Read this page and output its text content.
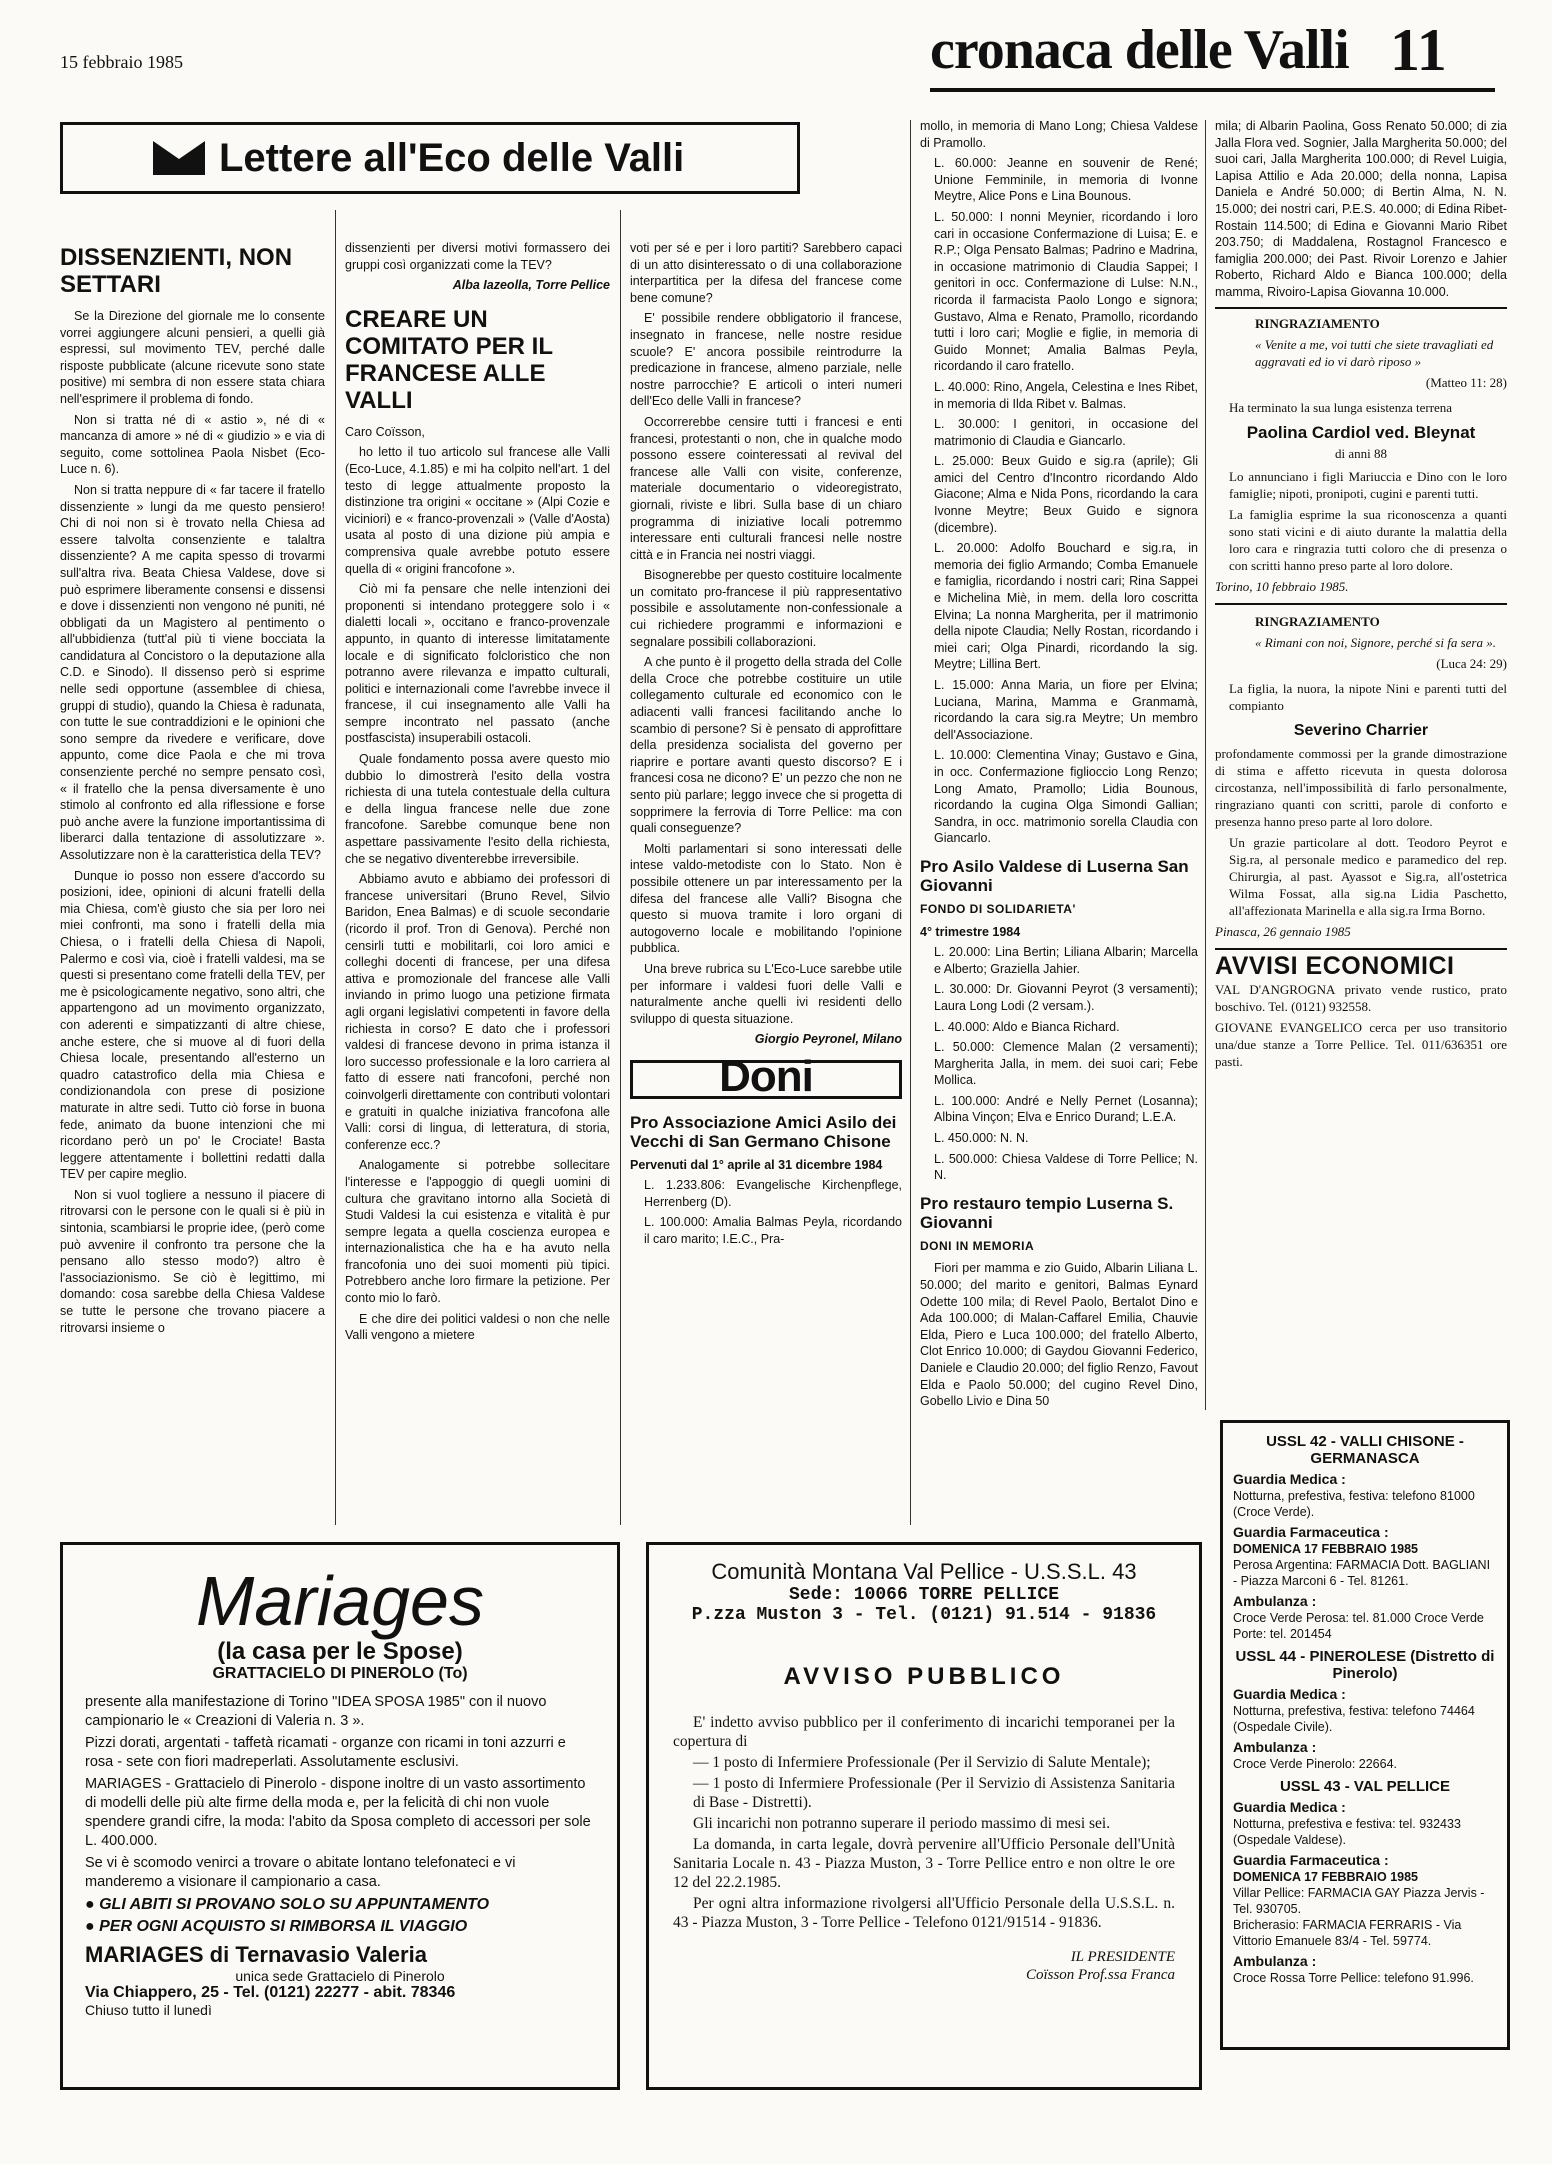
15 febbraio 1985	cronaca delle Valli 11
Lettere all'Eco delle Valli
DISSENZIENTI, NON SETTARI

Se la Direzione del giornale me lo consente vorrei aggiungere alcuni pensieri, a quelli già espressi, sul movimento TEV, perché dalle risposte pubblicate (alcune ricevute sono state positive) mi sembra di non essere stata chiara nell'esprimere il problema di fondo.

Non si tratta né di « astio », né di « mancanza di amore » né di « giudizio » e via di seguito, come sottolinea Paola Nisbet (Eco-Luce n. 6).

Non si tratta neppure di « far tacere il fratello dissenziente » lungi da me questo pensiero! Chi di noi non si è trovato nella Chiesa ad essere talvolta consenziente e talaltra dissenziente? A me capita spesso di trovarmi sull'altra riva. Beata Chiesa Valdese, dove si può esprimere liberamente consensi e dissensi e dove i dissenzienti non vengono né puniti, né obbligati da un Magistero al pentimento o all'ubbidienza (tutt'al più ti viene bocciata la candidatura al Concistoro o la deputazione alla C.D. e Sinodo). Il dissenso però si esprime nelle sedi opportune (assemblee di chiesa, gruppi di studio), quando la Chiesa è radunata, con tutte le sue contraddizioni e le opinioni che sono sempre da rivedere e verificare, dove appunto, come dice Paola e che mi trova consenziente perché no sempre pensato così, « il fratello che la pensa diversamente è uno stimolo al confronto ed alla riflessione e forse può anche avere la funzione importantissima di liberarci dalla tentazione di assolutizzare ». Assolutizzare non è la caratteristica della TEV?

Dunque io posso non essere d'accordo su posizioni, idee, opinioni di alcuni fratelli della mia Chiesa, com'è giusto che sia per loro nei miei confronti, ma sono i fratelli della mia Chiesa, o i fratelli della Chiesa di Napoli, Palermo e così via, cioè i fratelli valdesi, ma se questi si presentano come fratelli della TEV, per me è psicologicamente negativo, sono altri, che appartengono ad un movimento organizzato, con aderenti e simpatizzanti di altre chiese, anche estere, che si muove al di fuori della Chiesa locale, presentando all'esterno un quadro catastrofico della mia Chiesa e condizionandola con prese di posizione maturate in altre sedi. Tutto ciò forse in buona fede, animato da buone intenzioni che mi ricordano però un po' le Crociate! Basta leggere attentamente i bollettini redatti dalla TEV per capire meglio.

Non si vuol togliere a nessuno il piacere di ritrovarsi con le persone con le quali si è più in sintonia, scambiarsi le proprie idee, (però come può avvenire il confronto tra persone che la pensano allo stesso modo?) altro è l'associazionismo. Se ciò è legittimo, mi domando: cosa sarebbe della Chiesa Valdese se tutte le persone che trovano piacere a ritrovarsi insieme o

dissenzienti per diversi motivi formassero dei gruppi così organizzati come la TEV?

Alba Iazeolla, Torre Pellice
CREARE UN COMITATO PER IL FRANCESE ALLE VALLI

Caro Coïsson,

ho letto il tuo articolo sul francese alle Valli (Eco-Luce, 4.1.85) e mi ha colpito nell'art. 1 del testo di legge attualmente proposto la distinzione tra origini « occitane » (Alpi Cozie e viciniori) e « franco-provenzali » (Valle d'Aosta) usata al posto di una dizione più ampia e comprensiva quale avrebbe potuto essere quella di « origini francofone ».

Ciò mi fa pensare che nelle intenzioni dei proponenti si intendano proteggere solo i « dialetti locali », occitano e franco-provenzale appunto, in quanto di interesse limitatamente locale e di significato folcloristico che non potranno avere rilevanza e impatto culturali, politici e internazionali come l'avrebbe invece il francese, il cui insegnamento alle Valli ha sempre incontrato nel passato (anche postfascista) insuperabili ostacoli.

Quale fondamento possa avere questo mio dubbio lo dimostrerà l'esito della vostra richiesta di una tutela contestuale della cultura e della lingua francese nelle due zone francofone. Sarebbe comunque bene non aspettare passivamente l'esito della richiesta, che se negativo diventerebbe irreversibile.

Abbiamo avuto e abbiamo dei professori di francese universitari (Bruno Revel, Silvio Baridon, Enea Balmas) e di scuole secondarie (ricordo il prof. Tron di Genova). Perché non censirli tutti e mobilitarli, coi loro amici e colleghi docenti di francese, per una difesa attiva e promozionale del francese alle Valli inviando in primo luogo una petizione firmata agli organi legislativi competenti in favore della richiesta in corso? E dato che i professori valdesi di francese devono in prima istanza il loro successo professionale e la loro carriera al fatto di essere nati francofoni, perché non coinvolgerli direttamente con contributi volontari e gratuiti in qualche iniziativa francofona alle Valli: corsi di lingua, di letteratura, di storia, conferenze ecc.?

Analogamente si potrebbe sollecitare l'interesse e l'appoggio di quegli uomini di cultura che gravitano intorno alla Società di Studi Valdesi la cui esistenza e vitalità è pur sempre legata a quella coscienza europea e internazionalistica che ha e ha avuto nella francofonia uno dei suoi momenti più tipici. Potrebbero anche loro firmare la petizione. Per conto mio lo farò.

E che dire dei politici valdesi o non che nelle Valli vengono a mietere

voti per sé e per i loro partiti? Sarebbero capaci di un atto disinteressato o di una collaborazione interpartitica per la difesa del francese come bene comune?

E' possibile rendere obbligatorio il francese, insegnato in francese, nelle nostre residue scuole? E' ancora possibile reintrodurre la predicazione in francese, almeno parziale, nelle nostre parrocchie? E articoli o interi numeri dell'Eco delle Valli in francese?

Occorrerebbe censire tutti i francesi e enti francesi, protestanti o non, che in qualche modo possono essere cointeressati al revival del francese alle Valli con visite, conferenze, materiale documentario o videoregistrato, giornali, riviste e libri. Sulla base di un chiaro programma di iniziative locali potremmo interessare enti culturali francesi nelle nostre città e in Francia nei nostri viaggi.

Bisognerebbe per questo costituire localmente un comitato pro-francese il più rappresentativo possibile e assolutamente non-confessionale a cui richiedere programmi e informazioni e segnalare possibili collaborazioni.

A che punto è il progetto della strada del Colle della Croce che potrebbe costituire un utile collegamento culturale ed economico con le adiacenti valli francesi facilitando anche lo scambio di persone? Si è pensato di approfittare della presidenza socialista del governo per riaprire e portare avanti questo discorso? E i francesi cosa ne dicono? E' un pezzo che non ne sento più parlare; leggo invece che si progetta di sopprimere la ferrovia di Torre Pellice: ma con quali conseguenze?

Molti parlamentari si sono interessati delle intese valdo-metodiste con lo Stato. Non è possibile ottenere un par interessamento per la difesa del francese alle Valli? Bisogna che questo si muova tramite i loro organi di autogoverno locale e mobilitando l'opinione pubblica.

Una breve rubrica su L'Eco-Luce sarebbe utile per informare i valdesi fuori delle Valli e naturalmente anche quelli ivi residenti dello sviluppo di questa situazione.

Giorgio Peyronel, Milano
Doni
Pro Associazione Amici Asilo dei Vecchi di San Germano Chisone

Pervenuti dal 1° aprile al 31 dicembre 1984

L. 1.233.806: Evangelische Kirchenpflege, Herrenberg (D).

L. 100.000: Amalia Balmas Peyla, ricordando il caro marito; I.E.C., Pra-

mollo, in memoria di Mano Long; Chiesa Valdese di Pramollo.

L. 60.000: Jeanne en souvenir de René; Unione Femminile, in memoria di Ivonne Meytre, Alice Pons e Lina Bounous.

L. 50.000: I nonni Meynier, ricordando i loro cari in occasione Confermazione di Luisa; E. e R.P.; Olga Pensato Balmas; Padrino e Madrina, in occasione matrimonio di Claudia Sappei; I genitori in occ. Confermazione di Lulse: N.N., ricorda il farmacista Paolo Longo e signora; Gustavo, Alma e Renato, Pramollo, ricordando tutti i loro cari; Moglie e figlie, in memoria di Guido Monnet; Amalia Balmas Peyla, ricordando il caro fratello.

L. 40.000: Rino, Angela, Celestina e Ines Ribet, in memoria di Ilda Ribet v. Balmas.

L. 30.000: I genitori, in occasione del matrimonio di Claudia e Giancarlo.

L. 25.000: Beux Guido e sig.ra (aprile); Gli amici del Centro d'Incontro ricordando Aldo Giacone; Alma e Nida Pons, ricordando la cara Ivonne Meytre; Beux Guido e signora (dicembre).

L. 20.000: Adolfo Bouchard e sig.ra, in memoria dei figlio Armando; Comba Emanuele e famiglia, ricordando i nostri cari; Rina Sappei e Michelina Miè, in mem. della loro coscritta Elvina; La nonna Margherita, per il matrimonio della nipote Claudia; Nelly Rostan, ricordando i miei cari; Olga Pinardi, ricordando la sig. Meytre; Lillina Bert.

L. 15.000: Anna Maria, un fiore per Elvina; Luciana, Marina, Mamma e Granmamà, ricordando la cara sig.ra Meytre; Un membro dell'Associazione.

L. 10.000: Clementina Vinay; Gustavo e Gina, in occ. Confermazione figlioccio Long Renzo; Long Amato, Pramollo; Lidia Bounous, ricordando la cugina Olga Simondi Gallian; Sandra, in occ. matrimonio sorella Claudia con Giancarlo.

Pro Asilo Valdese di Luserna San Giovanni
FONDO DI SOLIDARIETA'

4° trimestre 1984

L. 20.000: Lina Bertin; Liliana Albarin; Marcella e Alberto; Graziella Jahier.

L. 30.000: Dr. Giovanni Peyrot (3 versamenti); Laura Long Lodi (2 versam.).

L. 40.000: Aldo e Bianca Richard.

L. 50.000: Clemence Malan (2 versamenti); Margherita Jalla, in mem. dei suoi cari; Febe Mollica.

L. 100.000: André e Nelly Pernet (Losanna); Albina Vinçon; Elva e Enrico Durand; L.E.A.

L. 450.000: N. N.

L. 500.000: Chiesa Valdese di Torre Pellice; N. N.

Pro restauro tempio Luserna S. Giovanni
DONI IN MEMORIA

Fiori per mamma e zio Guido, Albarin Liliana L. 50.000; del marito e genitori, Balmas Eynard Odette 100 mila; di Revel Paolo, Bertalot Dino e Ada 100.000; di Malan-Caffarel Emilia, Chauvie Elda, Piero e Luca 100.000; del fratello Alberto, Clot Enrico 10.000; di Gaydou Giovanni Federico, Daniele e Claudio 20.000; del figlio Renzo, Favout Elda e Paolo 50.000; del cugino Revel Dino, Gobello Livio e Dina 50

mila; di Albarin Paolina, Goss Renato 50.000; di zia Jalla Flora ved. Sognier, Jalla Margherita 50.000; del suoi cari, Jalla Margherita 100.000; di Revel Luigia, Lapisa Attilio e Ada 20.000; della nonna, Lapisa Daniela e André 50.000; di Bertin Alma, N. N. 15.000; dei nostri cari, P.E.S. 40.000; di Edina Ribet-Rostain 114.500; di Edina e Giovanni Mario Ribet 203.750; di Maddalena, Rostagnol Francesco e famiglia 200.000; dei Past. Rivoir Lorenzo e Jahier Roberto, Richard Aldo e Bianca 100.000; della mamma, Rivoiro-Lapisa Giovanna 10.000.

RINGRAZIAMENTO
« Venite a me, voi tutti che siete travagliati ed aggravati ed io vi darò riposo »
(Matteo 11: 28)

Ha terminato la sua lunga esistenza terrena

Paolina Cardiol ved. Bleynat
di anni 88

Lo annunciano i figli Mariuccia e Dino con le loro famiglie; nipoti, pronipoti, cugini e parenti tutti.

La famiglia esprime la sua riconoscenza a quanti sono stati vicini e di aiuto durante la malattia della loro cara e ringrazia tutti coloro che di presenza o con scritti hanno preso parte al loro dolore.

Torino, 10 febbraio 1985.

RINGRAZIAMENTO
« Rimani con noi, Signore, perché si fa sera ».
(Luca 24: 29)

La figlia, la nuora, la nipote Nini e parenti tutti del compianto

Severino Charrier

profondamente commossi per la grande dimostrazione di stima e affetto ricevuta in questa dolorosa circostanza, nell'impossibilità di farlo personalmente, ringraziano quanti con scritti, parole di conforto e presenza hanno preso parte al loro dolore.

Un grazie particolare al dott. Teodoro Peyrot e Sig.ra, al personale medico e paramedico del rep. Chirurgia, al past. Ayassot e Sig.ra, all'ostetrica Wilma Fossat, alla sig.na Lidia Paschetto, all'affezionata Marinella e alla sig.ra Irma Borno.

Pinasca, 26 gennaio 1985

AVVISI ECONOMICI

VAL D'ANGROGNA privato vende rustico, prato boschivo. Tel. (0121) 932558.

GIOVANE EVANGELICO cerca per uso transitorio una/due stanze a Torre Pellice. Tel. 011/636351 ore pasti.

USSL 42 - VALLI CHISONE - GERMANASCA
Guardia Medica :
Notturna, prefestiva, festiva: telefono 81000 (Croce Verde).
Guardia Farmaceutica :
DOMENICA 17 FEBBRAIO 1985
Perosa Argentina: FARMACIA Dott. BAGLIANI - Piazza Marconi 6 - Tel. 81261.
Ambulanza :
Croce Verde Perosa: tel. 81.000 Croce Verde Porte: tel. 201454
USSL 44 - PINEROLESE (Distretto di Pinerolo)
Guardia Medica :
Notturna, prefestiva, festiva: telefono 74464 (Ospedale Civile).
Ambulanza :
Croce Verde Pinerolo: 22664.
USSL 43 - VAL PELLICE
Guardia Medica :
Notturna, prefestiva e festiva: tel. 932433 (Ospedale Valdese).
Guardia Farmaceutica :
DOMENICA 17 FEBBRAIO 1985
Villar Pellice: FARMACIA GAY Piazza Jervis - Tel. 930705.
Bricherasio: FARMACIA FERRARIS - Via Vittorio Emanuele 83/4 - Tel. 59774.
Ambulanza :
Croce Rossa Torre Pellice: telefono 91.996.
Mariages
(la casa per le Spose)
GRATTACIELO DI PINEROLO (To)

presente alla manifestazione di Torino "IDEA SPOSA 1985" con il nuovo campionario le « Creazioni di Valeria n. 3 ».

Pizzi dorati, argentati - taffetà ricamati - organze con ricami in toni azzurri e rosa - sete con fiori madreperlati. Assolutamente esclusivi.

MARIAGES - Grattacielo di Pinerolo - dispone inoltre di un vasto assortimento di modelli delle più alte firme della moda e, per la felicità di chi non vuole spendere grandi cifre, la moda: l'abito da Sposa completo di accessori per sole L. 400.000.

Se vi è scomodo venirci a trovare o abitate lontano telefonateci e vi manderemo a visionare il campionario a casa.

● GLI ABITI SI PROVANO SOLO SU APPUNTAMENTO

● PER OGNI ACQUISTO SI RIMBORSA IL VIAGGIO

MARIAGES di Ternavasio Valeria
unica sede Grattacielo di Pinerolo
Via Chiappero, 25 - Tel. (0121) 22277 - abit. 78346
Chiuso tutto il lunedì
Comunità Montana Val Pellice - U.S.S.L. 43
Sede: 10066 TORRE PELLICE
P.zza Muston 3 - Tel. (0121) 91.514 - 91836
AVVISO PUBBLICO

E' indetto avviso pubblico per il conferimento di incarichi temporanei per la copertura di

— 1 posto di Infermiere Professionale (Per il Servizio di Salute Mentale);

— 1 posto di Infermiere Professionale (Per il Servizio di Assistenza Sanitaria di Base - Distretti).

Gli incarichi non potranno superare il periodo massimo di mesi sei.

La domanda, in carta legale, dovrà pervenire all'Ufficio Personale dell'Unità Sanitaria Locale n. 43 - Piazza Muston, 3 - Torre Pellice entro e non oltre le ore 12 del 22.2.1985.

Per ogni altra informazione rivolgersi all'Ufficio Personale della U.S.S.L. n. 43 - Piazza Muston, 3 - Torre Pellice - Telefono 0121/91514 - 91836.

IL PRESIDENTE
Coïsson Prof.ssa Franca
